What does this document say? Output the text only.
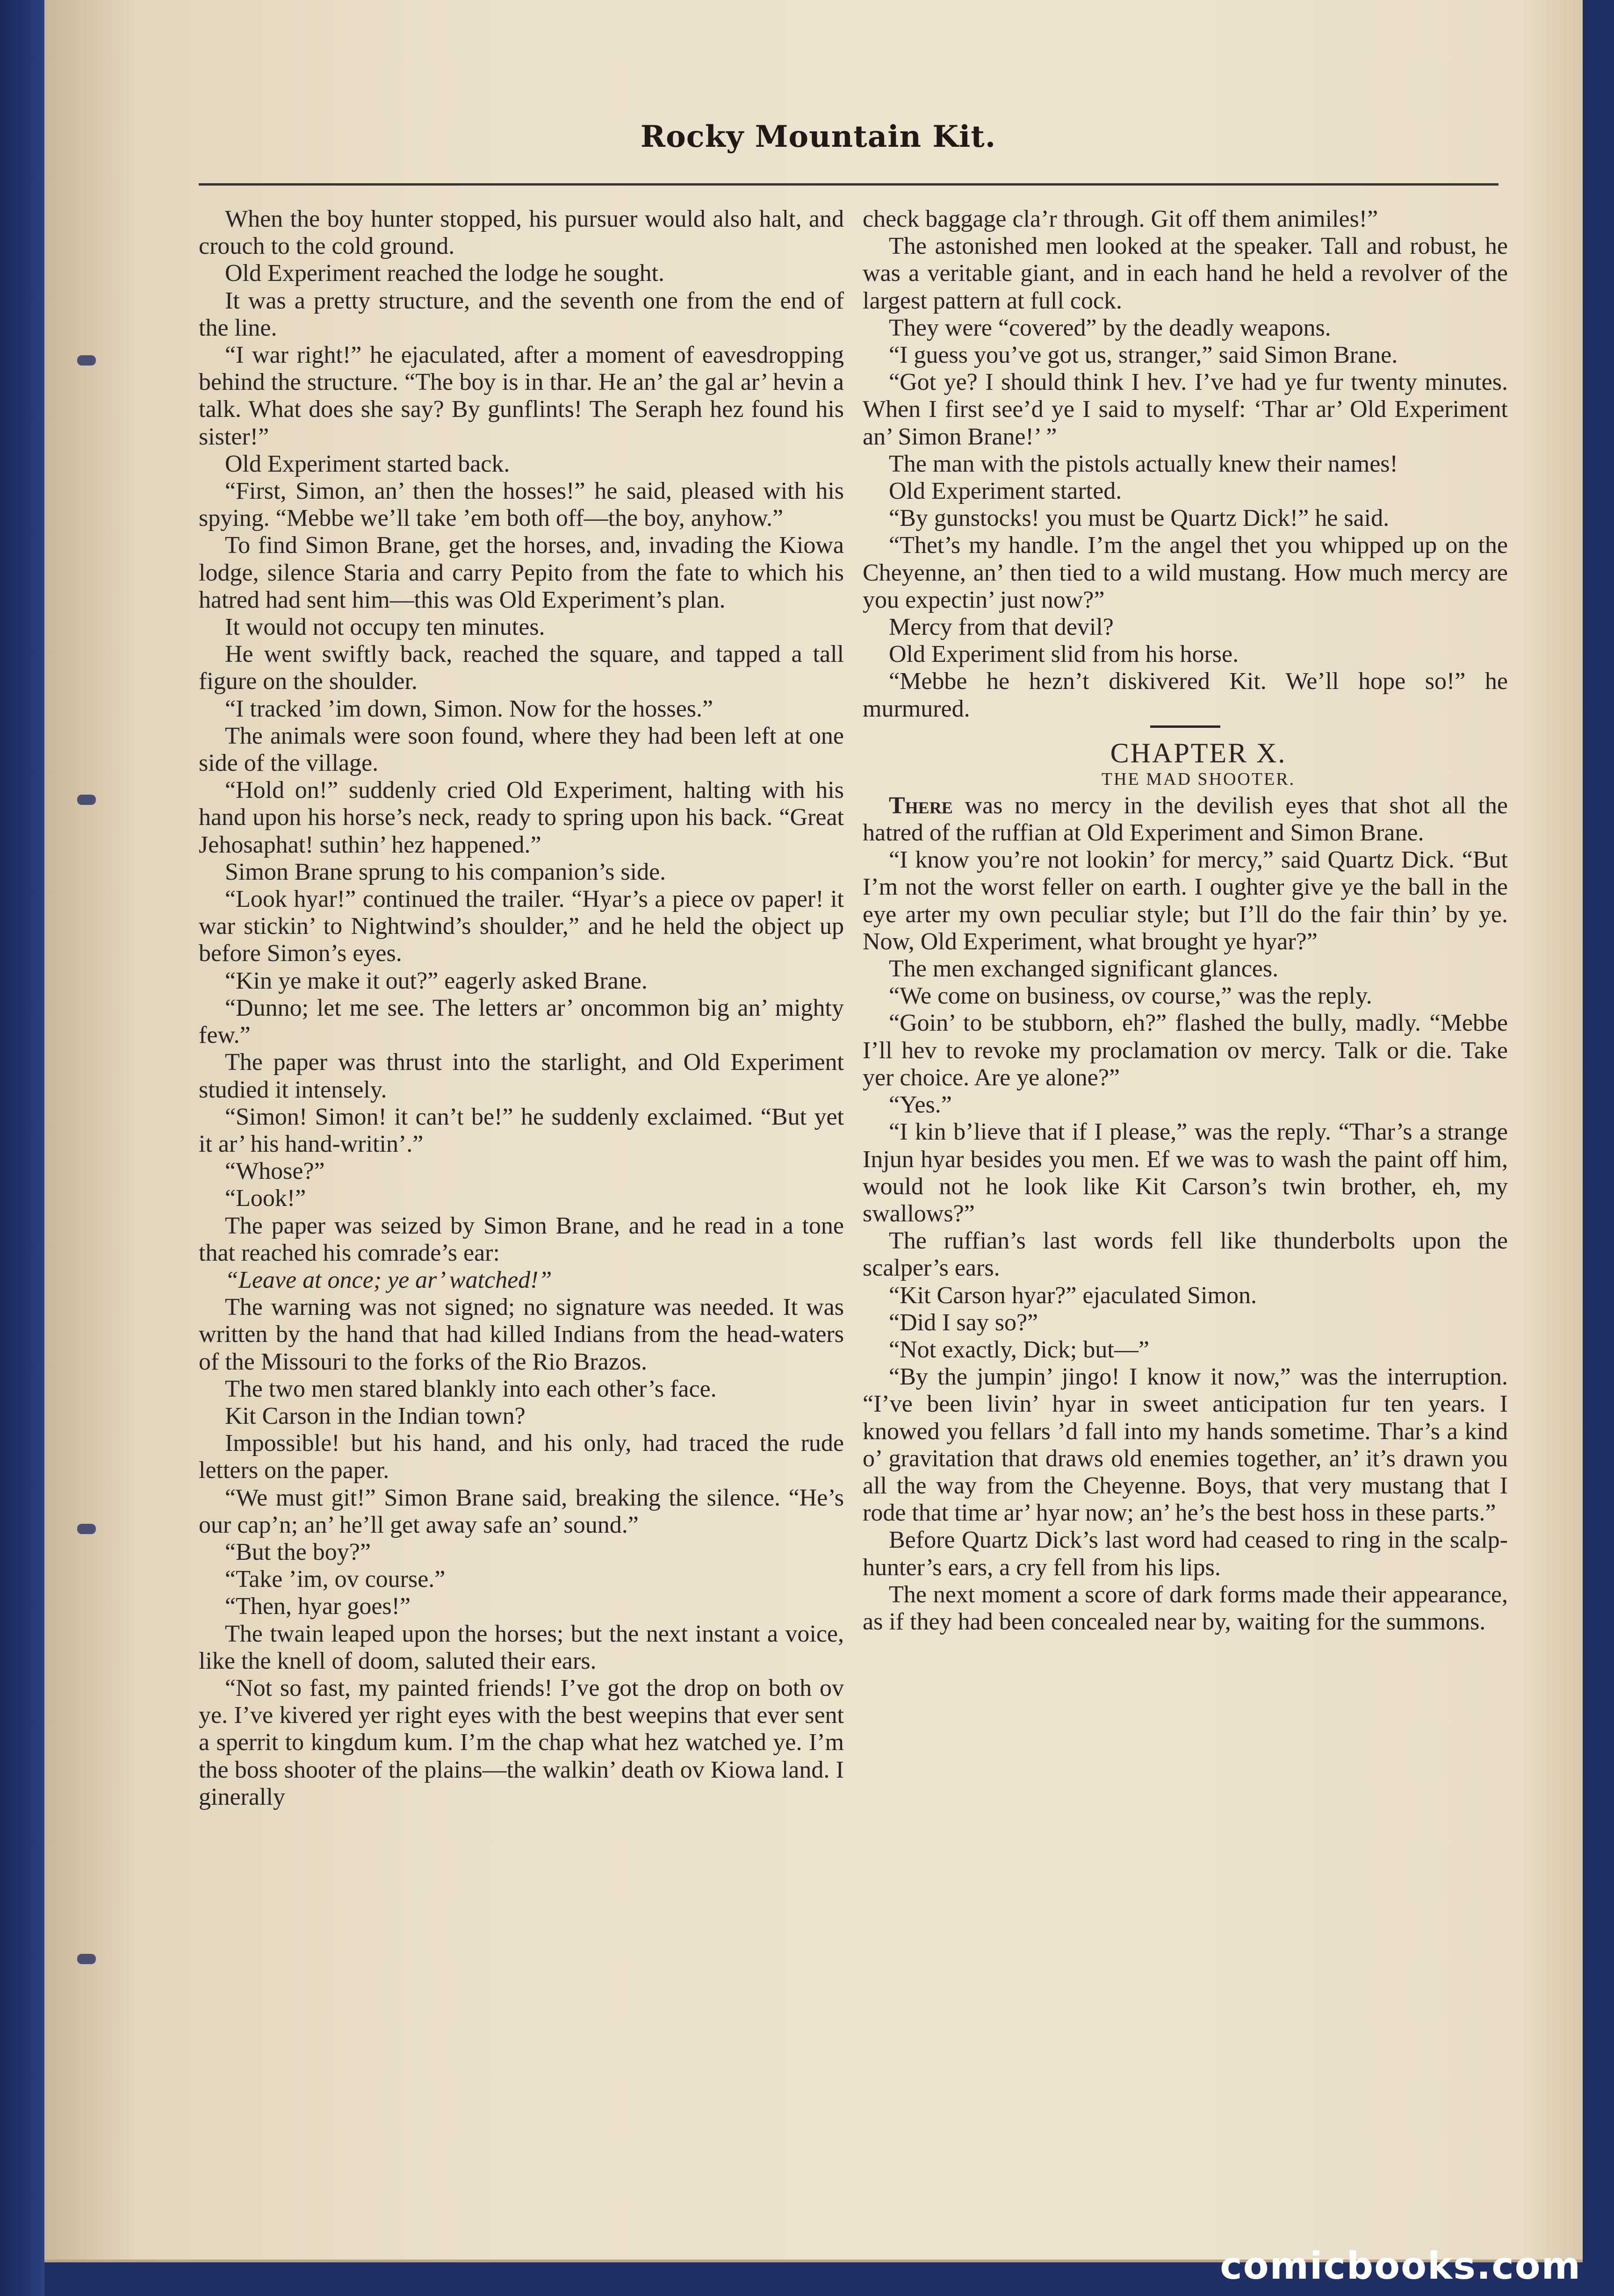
Rocky Mountain Kit.

When the boy hunter stopped, his pursuer would also halt, and crouch to the cold ground.

Old Experiment reached the lodge he sought.

It was a pretty structure, and the seventh one from the end of the line.

“I war right!” he ejaculated, after a moment of eavesdropping behind the structure. “The boy is in thar. He an’ the gal ar’ hevin a talk. What does she say? By gunflints! The Seraph hez found his sister!”

Old Experiment started back.

“First, Simon, an’ then the hosses!” he said, pleased with his spying. “Mebbe we’ll take ’em both off—the boy, anyhow.”

To find Simon Brane, get the horses, and, invading the Kiowa lodge, silence Staria and carry Pepito from the fate to which his hatred had sent him—this was Old Experiment’s plan.

It would not occupy ten minutes.

He went swiftly back, reached the square, and tapped a tall figure on the shoulder.

“I tracked ’im down, Simon. Now for the hosses.”

The animals were soon found, where they had been left at one side of the village.

“Hold on!” suddenly cried Old Experiment, halting with his hand upon his horse’s neck, ready to spring upon his back. “Great Jehosaphat! suthin’ hez happened.”

Simon Brane sprung to his companion’s side.

“Look hyar!” continued the trailer. “Hyar’s a piece ov paper! it war stickin’ to Nightwind’s shoulder,” and he held the object up before Simon’s eyes.

“Kin ye make it out?” eagerly asked Brane.

“Dunno; let me see. The letters ar’ oncommon big an’ mighty few.”

The paper was thrust into the starlight, and Old Experiment studied it intensely.

“Simon! Simon! it can’t be!” he suddenly exclaimed. “But yet it ar’ his hand-writin’.”

“Whose?”

“Look!”

The paper was seized by Simon Brane, and he read in a tone that reached his comrade’s ear:

“Leave at once; ye ar’ watched!”

The warning was not signed; no signature was needed. It was written by the hand that had killed Indians from the head-waters of the Missouri to the forks of the Rio Brazos.

The two men stared blankly into each other’s face.

Kit Carson in the Indian town?

Impossible! but his hand, and his only, had traced the rude letters on the paper.

“We must git!” Simon Brane said, breaking the silence. “He’s our cap’n; an’ he’ll get away safe an’ sound.”

“But the boy?”

“Take ’im, ov course.”

“Then, hyar goes!”

The twain leaped upon the horses; but the next instant a voice, like the knell of doom, saluted their ears.

“Not so fast, my painted friends! I’ve got the drop on both ov ye. I’ve kivered yer right eyes with the best weepins that ever sent a sperrit to kingdum kum. I’m the chap what hez watched ye. I’m the boss shooter of the plains—the walkin’ death ov Kiowa land. I ginerally

check baggage cla’r through. Git off them animiles!”

The astonished men looked at the speaker. Tall and robust, he was a veritable giant, and in each hand he held a revolver of the largest pattern at full cock.

They were “covered” by the deadly weapons.

“I guess you’ve got us, stranger,” said Simon Brane.

“Got ye? I should think I hev. I’ve had ye fur twenty minutes. When I first see’d ye I said to myself: ‘Thar ar’ Old Experiment an’ Simon Brane!’ ”

The man with the pistols actually knew their names!

Old Experiment started.

“By gunstocks! you must be Quartz Dick!” he said.

“Thet’s my handle. I’m the angel thet you whipped up on the Cheyenne, an’ then tied to a wild mustang. How much mercy are you expectin’ just now?”

Mercy from that devil?

Old Experiment slid from his horse.

“Mebbe he hezn’t diskivered Kit. We’ll hope so!” he murmured.

CHAPTER X.

THE MAD SHOOTER.

There was no mercy in the devilish eyes that shot all the hatred of the ruffian at Old Experiment and Simon Brane.

“I know you’re not lookin’ for mercy,” said Quartz Dick. “But I’m not the worst feller on earth. I oughter give ye the ball in the eye arter my own peculiar style; but I’ll do the fair thin’ by ye. Now, Old Experiment, what brought ye hyar?”

The men exchanged significant glances.

“We come on business, ov course,” was the reply.

“Goin’ to be stubborn, eh?” flashed the bully, madly. “Mebbe I’ll hev to revoke my proclamation ov mercy. Talk or die. Take yer choice. Are ye alone?”

“Yes.”

“I kin b’lieve that if I please,” was the reply. “Thar’s a strange Injun hyar besides you men. Ef we was to wash the paint off him, would not he look like Kit Carson’s twin brother, eh, my swallows?”

The ruffian’s last words fell like thunderbolts upon the scalper’s ears.

“Kit Carson hyar?” ejaculated Simon.

“Did I say so?”

“Not exactly, Dick; but—”

“By the jumpin’ jingo! I know it now,” was the interruption. “I’ve been livin’ hyar in sweet anticipation fur ten years. I knowed you fellars ’d fall into my hands sometime. Thar’s a kind o’ gravitation that draws old enemies together, an’ it’s drawn you all the way from the Cheyenne. Boys, that very mustang that I rode that time ar’ hyar now; an’ he’s the best hoss in these parts.”

Before Quartz Dick’s last word had ceased to ring in the scalp-hunter’s ears, a cry fell from his lips.

The next moment a score of dark forms made their appearance, as if they had been concealed near by, waiting for the summons.

comicbooks.com
